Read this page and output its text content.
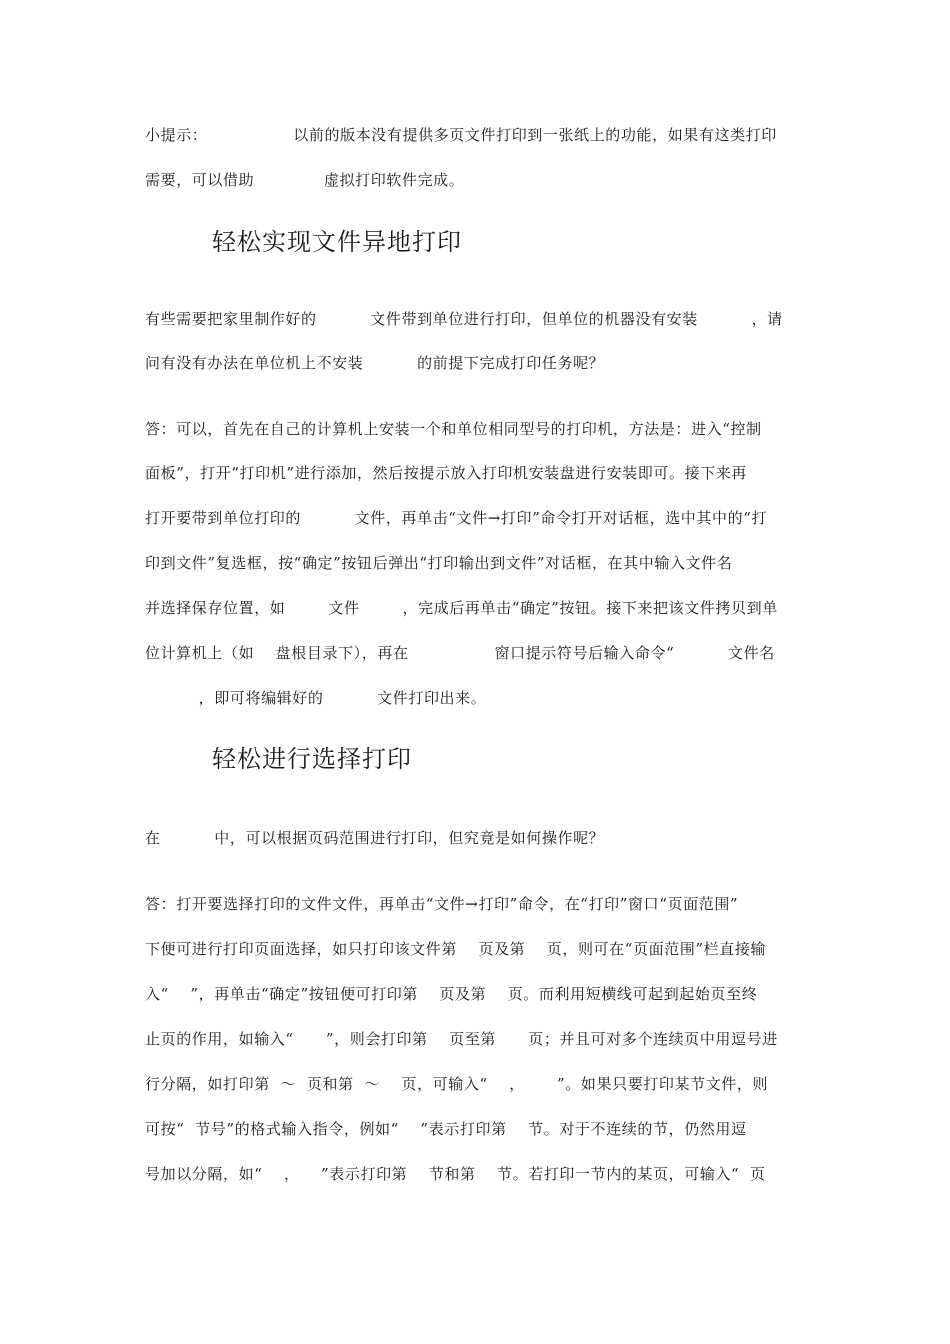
小提示：                以前的版本没有提供多页文件打印到一张纸上的功能，如果有这类打印
需要，可以借助             虚拟打印软件完成。
轻松实现文件异地打印
有些需要把家里制作好的          文件带到单位进行打印，但单位的机器没有安装          ，请
问有没有办法在单位机上不安装          的前提下完成打印任务呢？
答：可以，首先在自己的计算机上安装一个和单位相同型号的打印机，方法是：进入“控制
面板”，打开“打印机”进行添加，然后按提示放入打印机安装盘进行安装即可。接下来再
打开要带到单位打印的          文件，再单击“文件→打印”命令打开对话框，选中其中的“打
印到文件”复选框，按“确定”按钮后弹出“打印输出到文件”对话框，在其中输入文件名
并选择保存位置，如        文件        ，完成后再单击“确定”按钮。接下来把该文件拷贝到单
位计算机上（如    盘根目录下），再在                窗口提示符号后输入命令“          文件名
，即可将编辑好的          文件打印出来。
轻松进行选择打印
在          中，可以根据页码范围进行打印，但究竟是如何操作呢？
答：打开要选择打印的文件文件，再单击“文件→打印”命令，在“打印”窗口“页面范围”
下便可进行打印页面选择，如只打印该文件第    页及第    页，则可在“页面范围”栏直接输
入“    ”，再单击“确定”按钮便可打印第    页及第    页。而利用短横线可起到起始页至终
止页的作用，如输入“      ”，则会打印第    页至第      页；并且可对多个连续页中用逗号进
行分隔，如打印第  ～  页和第  ～    页，可输入“    ，      ”。如果只要打印某节文件，则
可按“  节号”的格式输入指令，例如“    ”表示打印第    节。对于不连续的节，仍然用逗
号加以分隔，如“    ，    ”表示打印第    节和第    节。若打印一节内的某页，可输入“  页
